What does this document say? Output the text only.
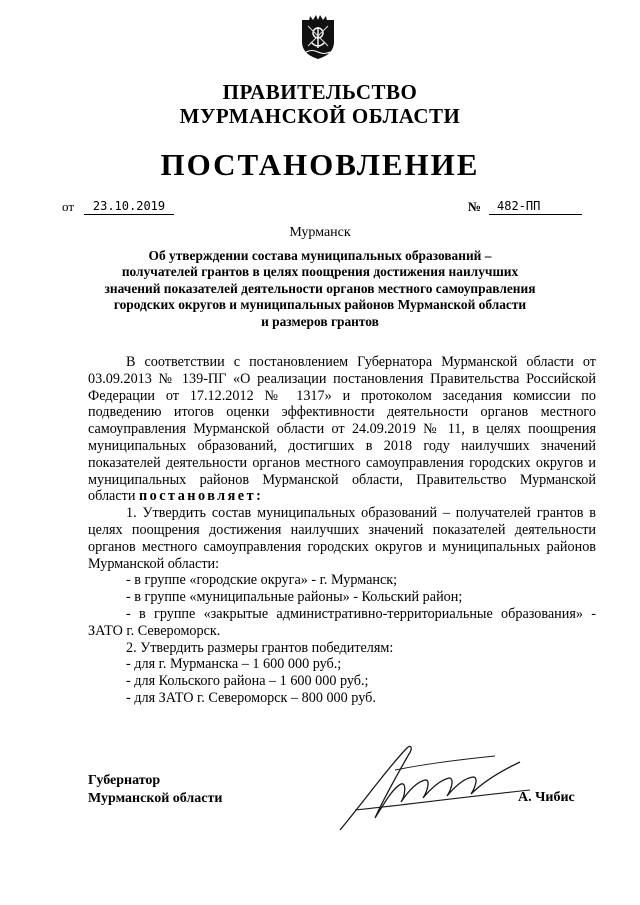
ПРАВИТЕЛЬСТВО
МУРМАНСКОЙ ОБЛАСТИ
ПОСТАНОВЛЕНИЕ
от	23.10.2019	№	482-ПП
Мурманск
Об утверждении состава муниципальных образований –
получателей грантов в целях поощрения достижения наилучших
значений показателей деятельности органов местного самоуправления
городских округов и муниципальных районов Мурманской области
и размеров грантов

В соответствии с постановлением Губернатора Мурманской области от 03.09.2013 № 139-ПГ «О реализации постановления Правительства Российской Федерации от 17.12.2012 № 1317» и протоколом заседания комиссии по подведению итогов оценки эффективности деятельности органов местного самоуправления Мурманской области от 24.09.2019 № 11, в целях поощрения муниципальных образований, достигших в 2018 году наилучших значений показателей деятельности органов местного самоуправления городских округов и муниципальных районов Мурманской области, Правительство Мурманской области постановляет:

1. Утвердить состав муниципальных образований – получателей грантов в целях поощрения достижения наилучших значений показателей деятельности органов местного самоуправления городских округов и муниципальных районов Мурманской области:

- в группе «городские округа» - г. Мурманск;

- в группе «муниципальные районы» - Кольский район;

- в группе «закрытые административно-территориальные образования» - ЗАТО г. Североморск.

2. Утвердить размеры грантов победителям:

- для г. Мурманска – 1 600 000 руб.;

- для Кольского района – 1 600 000 руб.;

- для ЗАТО г. Североморск – 800 000 руб.

Губернатор
Мурманской области	А. Чибис
